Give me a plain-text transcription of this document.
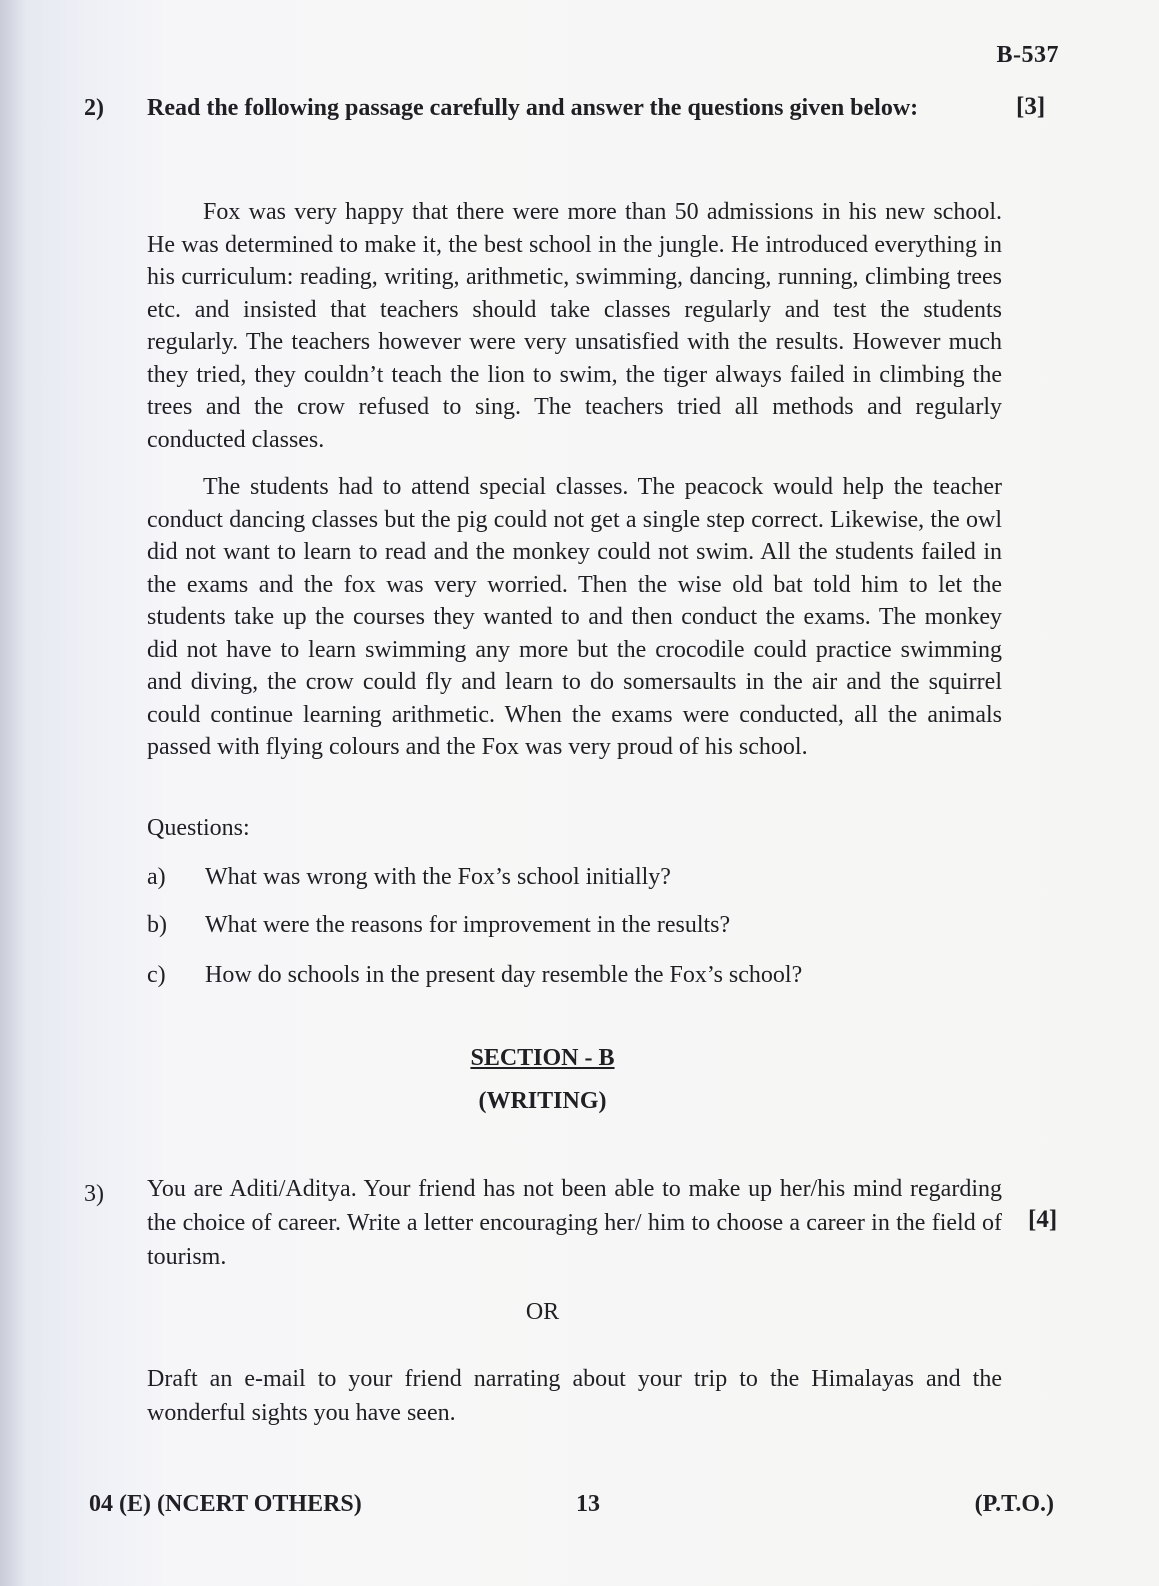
B-537
2) Read the following passage carefully and answer the questions given below:	[3]

Fox was very happy that there were more than 50 admissions in his new school. He was determined to make it, the best school in the jungle. He introduced everything in his curriculum: reading, writing, arithmetic, swimming, dancing, running, climbing trees etc. and insisted that teachers should take classes regularly and test the students regularly. The teachers however were very unsatisfied with the results. However much they tried, they couldn’t teach the lion to swim, the tiger always failed in climbing the trees and the crow refused to sing. The teachers tried all methods and regularly conducted classes.

The students had to attend special classes. The peacock would help the teacher conduct dancing classes but the pig could not get a single step correct. Likewise, the owl did not want to learn to read and the monkey could not swim. All the students failed in the exams and the fox was very worried. Then the wise old bat told him to let the students take up the courses they wanted to and then conduct the exams. The monkey did not have to learn swimming any more but the crocodile could practice swimming and diving, the crow could fly and learn to do somersaults in the air and the squirrel could continue learning arithmetic. When the exams were conducted, all the animals passed with flying colours and the Fox was very proud of his school.

Questions:
a) What was wrong with the Fox’s school initially?
b) What were the reasons for improvement in the results?
c) How do schools in the present day resemble the Fox’s school?
SECTION - B
(WRITING)
3) You are Aditi/Aditya. Your friend has not been able to make up her/his mind regarding the choice of career. Write a letter encouraging her/ him to choose a career in the field of tourism.

[4]
OR

Draft an e-mail to your friend narrating about your trip to the Himalayas and the wonderful sights you have seen.

04 (E) (NCERT OTHERS)	13	(P.T.O.)
